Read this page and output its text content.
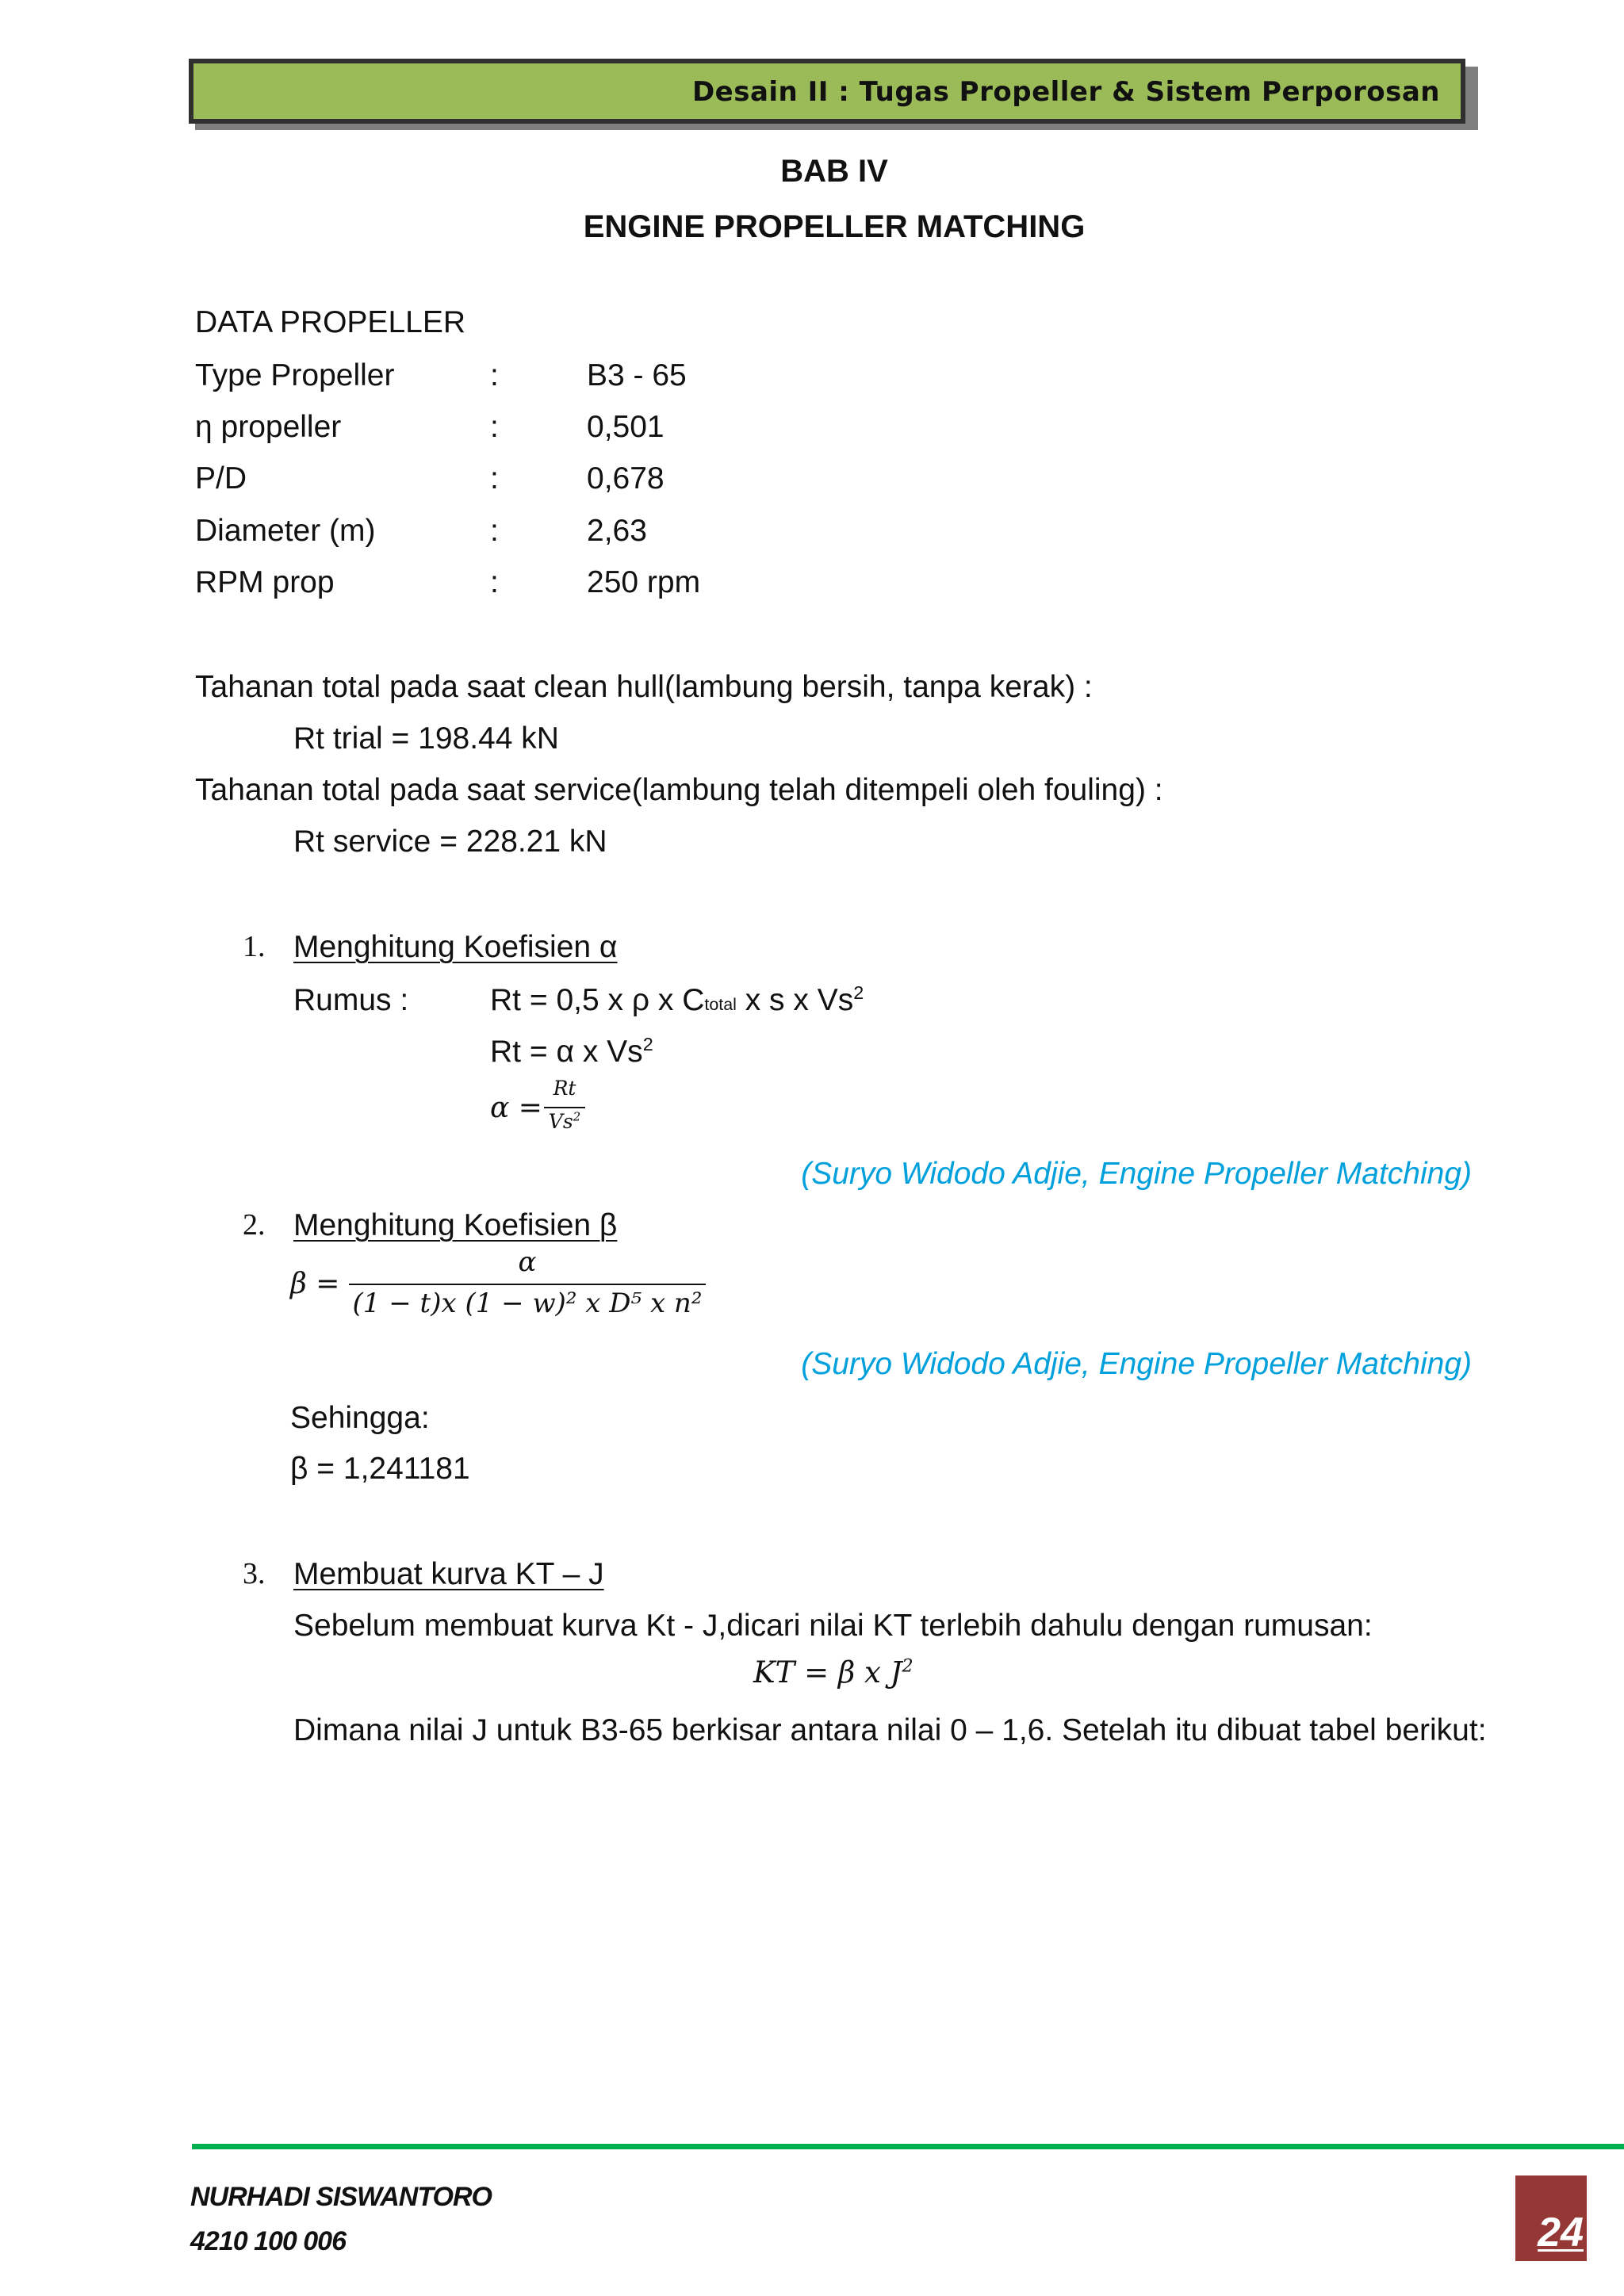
Desain II : Tugas Propeller & Sistem Perporosan
BAB IV
ENGINE PROPELLER MATCHING
DATA PROPELLER
Type Propeller	:	B3 - 65
η propeller	:	0,501
P/D	:	0,678
Diameter (m)	:	2,63
RPM prop	:	250 rpm
Tahanan total pada saat clean hull(lambung bersih, tanpa kerak) :
Rt trial = 198.44 kN
Tahanan total pada saat service(lambung telah ditempeli oleh fouling) :
Rt service = 228.21 kN
1. Menghitung Koefisien α
Rumus :	Rt = 0,5 x ρ x Ctotal x s x Vs$^2$
Rt = α x Vs$^2$
α =
Rt
Vs$^2$
(Suryo Widodo Adjie, Engine Propeller Matching)
2. Menghitung Koefisien β
β =
α
(1 − t)x (1 − w)² x D⁵ x n²
(Suryo Widodo Adjie, Engine Propeller Matching)
Sehingga:
β = 1,241181
3. Membuat kurva KT – J
Sebelum membuat kurva Kt - J,dicari nilai KT terlebih dahulu dengan rumusan:
KT = β x $J^2$
Dimana nilai J untuk B3-65 berkisar antara nilai 0 – 1,6. Setelah itu dibuat tabel berikut:
NURHADI SISWANTORO
4210 100 006	24
